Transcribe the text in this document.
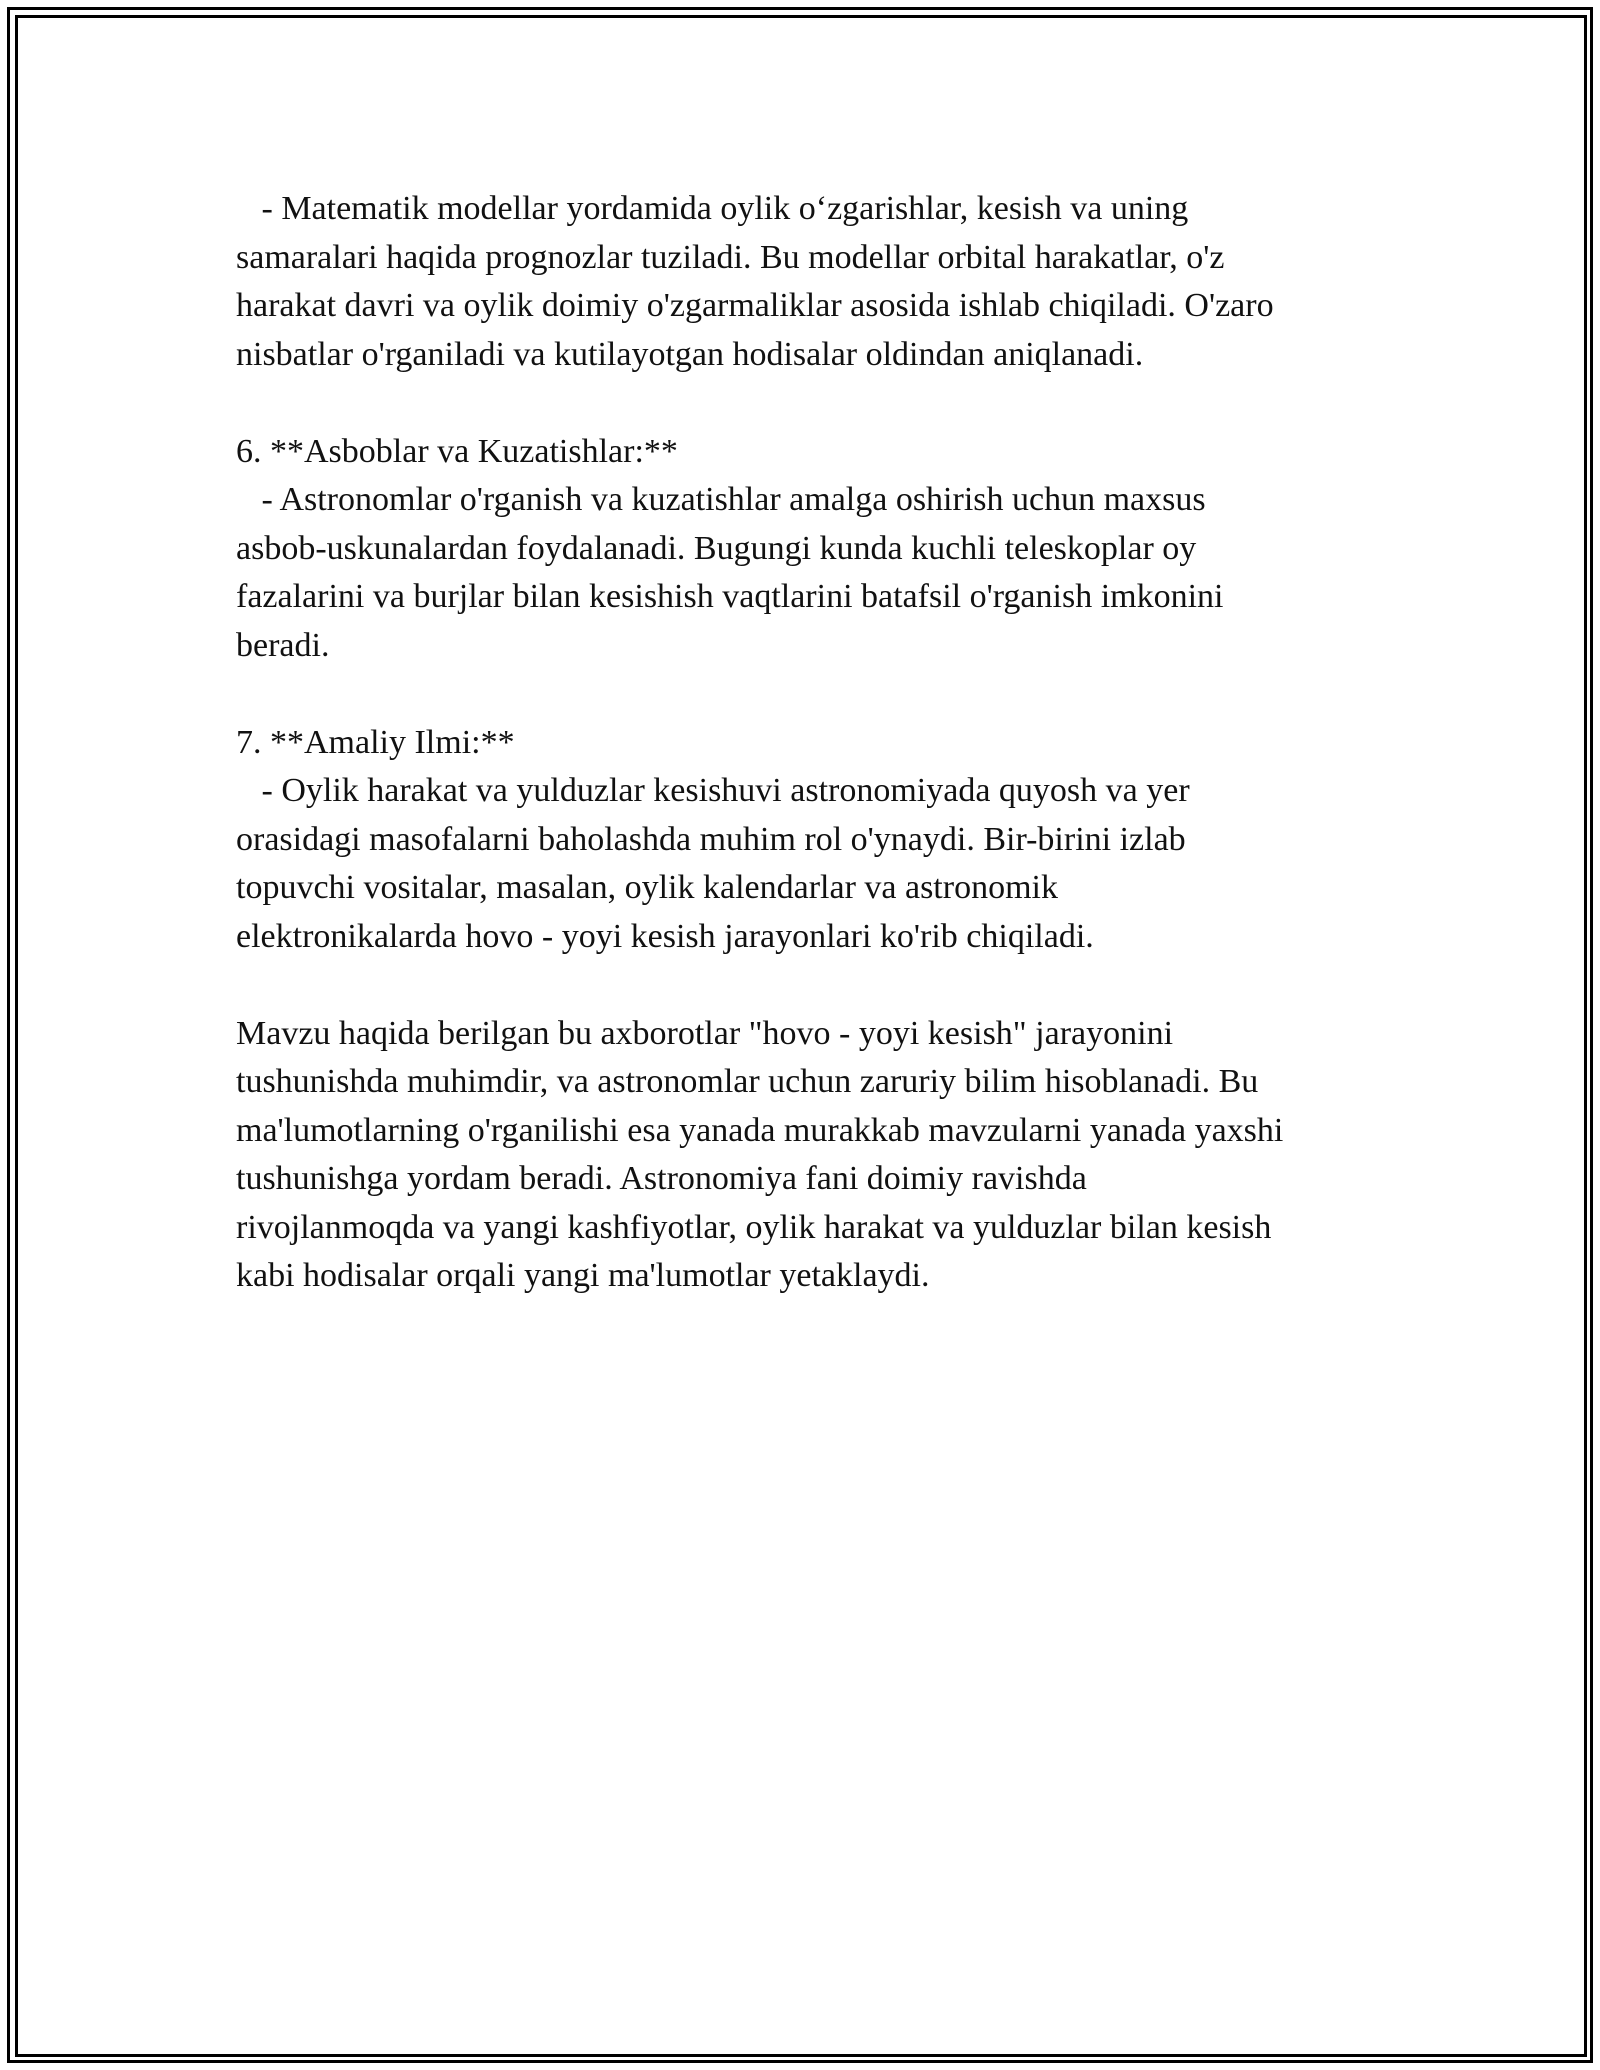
- Matematik modellar yordamida oylik o‘zgarishlar, kesish va uning
samaralari haqida prognozlar tuziladi. Bu modellar orbital harakatlar, o'z
harakat davri va oylik doimiy o'zgarmaliklar asosida ishlab chiqiladi. O'zaro
nisbatlar o'rganiladi va kutilayotgan hodisalar oldindan aniqlanadi.
6. **Asboblar va Kuzatishlar:**
- Astronomlar o'rganish va kuzatishlar amalga oshirish uchun maxsus
asbob-uskunalardan foydalanadi. Bugungi kunda kuchli teleskoplar oy
fazalarini va burjlar bilan kesishish vaqtlarini batafsil o'rganish imkonini
beradi.
7. **Amaliy Ilmi:**
- Oylik harakat va yulduzlar kesishuvi astronomiyada quyosh va yer
orasidagi masofalarni baholashda muhim rol o'ynaydi. Bir-birini izlab
topuvchi vositalar, masalan, oylik kalendarlar va astronomik
elektronikalarda hovo - yoyi kesish jarayonlari ko'rib chiqiladi.
Mavzu haqida berilgan bu axborotlar "hovo - yoyi kesish" jarayonini
tushunishda muhimdir, va astronomlar uchun zaruriy bilim hisoblanadi. Bu
ma'lumotlarning o'rganilishi esa yanada murakkab mavzularni yanada yaxshi
tushunishga yordam beradi. Astronomiya fani doimiy ravishda
rivojlanmoqda va yangi kashfiyotlar, oylik harakat va yulduzlar bilan kesish
kabi hodisalar orqali yangi ma'lumotlar yetaklaydi.
